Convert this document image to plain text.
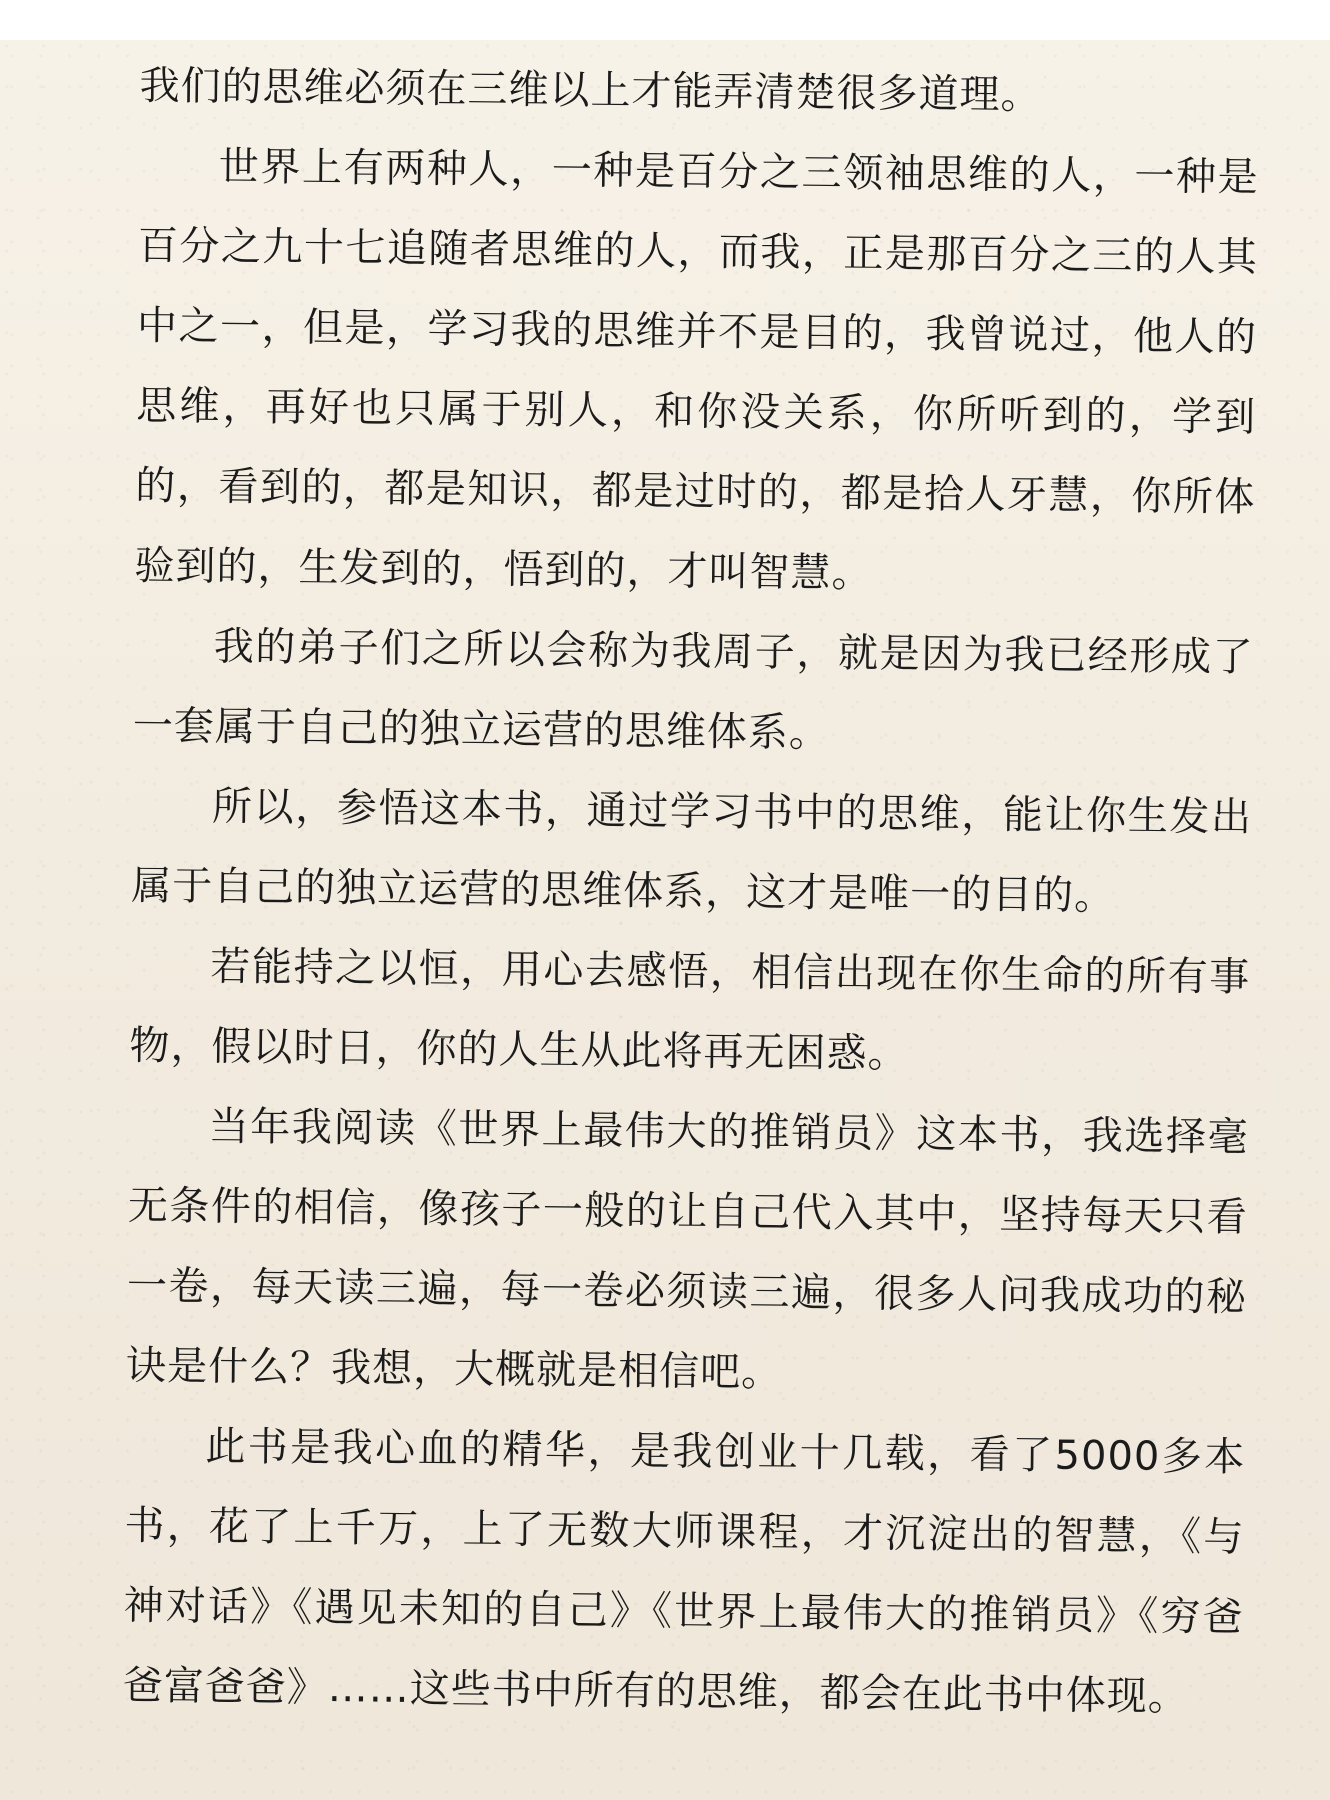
我们的思维必须在三维以上才能弄清楚很多道理。

世界上有两种人，一种是百分之三领袖思维的人，一种是百分之九十七追随者思维的人，而我，正是那百分之三的人其中之一，但是，学习我的思维并不是目的，我曾说过，他人的思维，再好也只属于别人，和你没关系，你所听到的，学到的，看到的，都是知识，都是过时的，都是拾人牙慧，你所体验到的，生发到的，悟到的，才叫智慧。

我的弟子们之所以会称为我周子，就是因为我已经形成了一套属于自己的独立运营的思维体系。

所以，参悟这本书，通过学习书中的思维，能让你生发出属于自己的独立运营的思维体系，这才是唯一的目的。

若能持之以恒，用心去感悟，相信出现在你生命的所有事物，假以时日，你的人生从此将再无困惑。

当年我阅读《世界上最伟大的推销员》这本书，我选择毫无条件的相信，像孩子一般的让自己代入其中，坚持每天只看一卷，每天读三遍，每一卷必须读三遍，很多人问我成功的秘诀是什么？我想，大概就是相信吧。

此书是我心血的精华，是我创业十几载，看了5000多本书，花了上千万，上了无数大师课程，才沉淀出的智慧，《与神对话》《遇见未知的自己》《世界上最伟大的推销员》《穷爸爸富爸爸》……这些书中所有的思维，都会在此书中体现。
